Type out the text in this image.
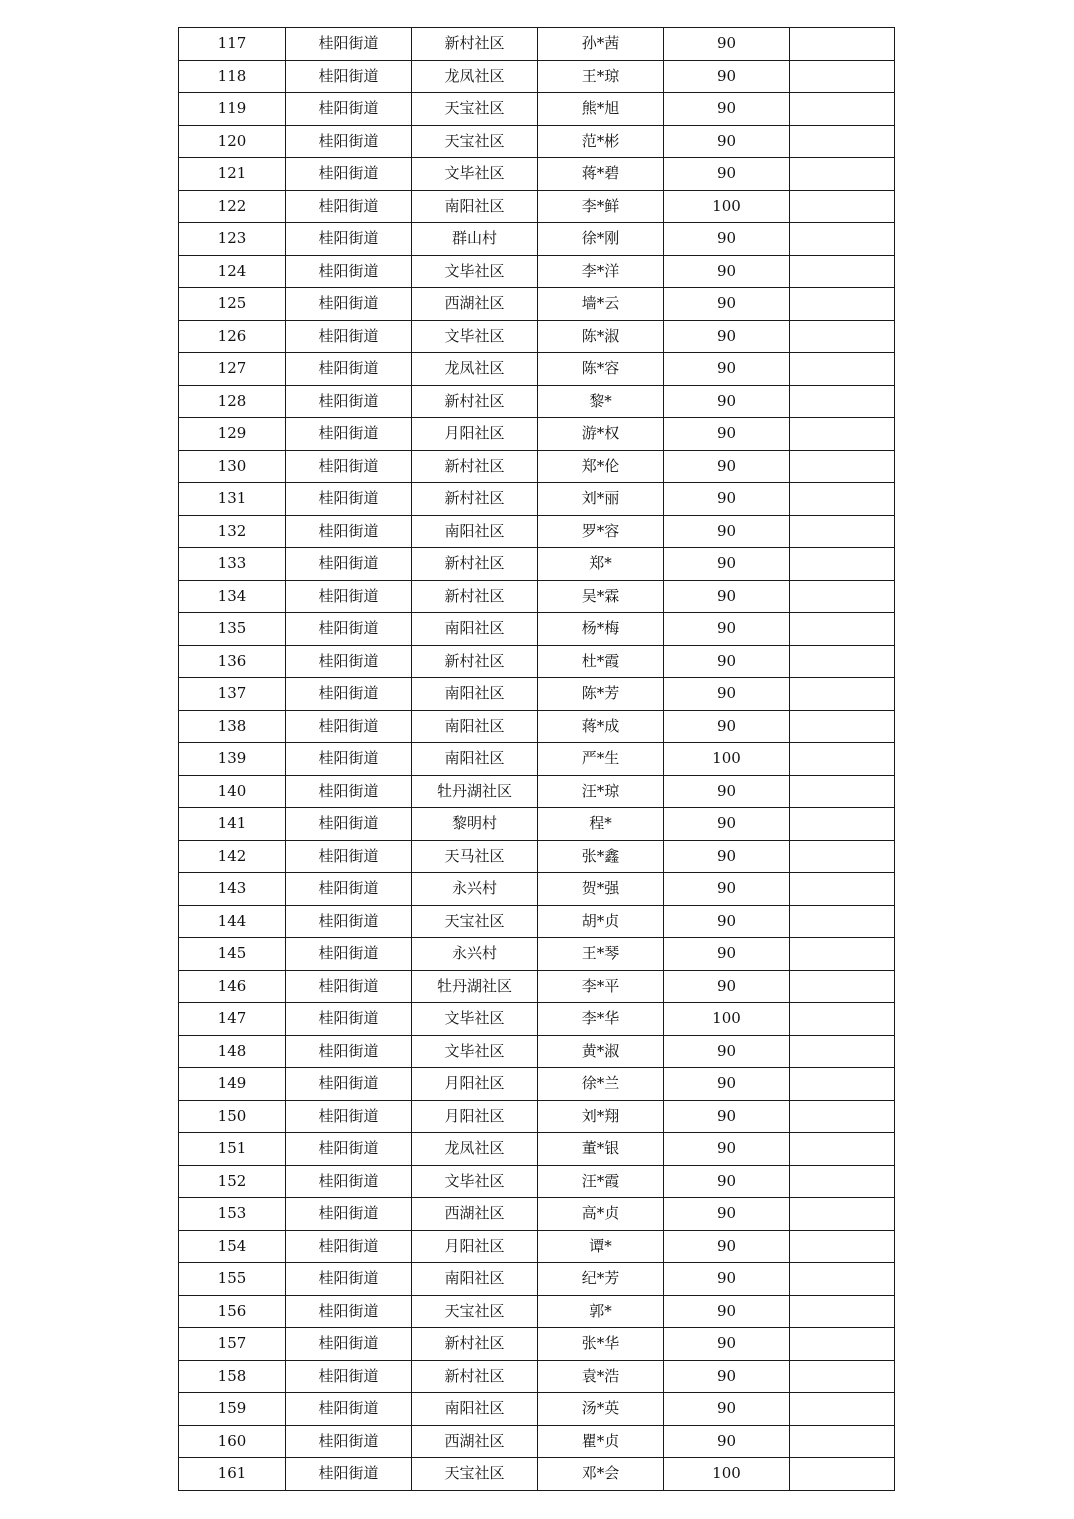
117	桂阳街道	新村社区	孙*茜	90	
118	桂阳街道	龙凤社区	王*琼	90	
119	桂阳街道	天宝社区	熊*旭	90	
120	桂阳街道	天宝社区	范*彬	90	
121	桂阳街道	文毕社区	蒋*碧	90	
122	桂阳街道	南阳社区	李*鲜	100	
123	桂阳街道	群山村	徐*刚	90	
124	桂阳街道	文毕社区	李*洋	90	
125	桂阳街道	西湖社区	墙*云	90	
126	桂阳街道	文毕社区	陈*淑	90	
127	桂阳街道	龙凤社区	陈*容	90	
128	桂阳街道	新村社区	黎*	90	
129	桂阳街道	月阳社区	游*权	90	
130	桂阳街道	新村社区	郑*伦	90	
131	桂阳街道	新村社区	刘*丽	90	
132	桂阳街道	南阳社区	罗*容	90	
133	桂阳街道	新村社区	郑*	90	
134	桂阳街道	新村社区	吴*霖	90	
135	桂阳街道	南阳社区	杨*梅	90	
136	桂阳街道	新村社区	杜*霞	90	
137	桂阳街道	南阳社区	陈*芳	90	
138	桂阳街道	南阳社区	蒋*成	90	
139	桂阳街道	南阳社区	严*生	100	
140	桂阳街道	牡丹湖社区	汪*琼	90	
141	桂阳街道	黎明村	程*	90	
142	桂阳街道	天马社区	张*鑫	90	
143	桂阳街道	永兴村	贺*强	90	
144	桂阳街道	天宝社区	胡*贞	90	
145	桂阳街道	永兴村	王*琴	90	
146	桂阳街道	牡丹湖社区	李*平	90	
147	桂阳街道	文毕社区	李*华	100	
148	桂阳街道	文毕社区	黄*淑	90	
149	桂阳街道	月阳社区	徐*兰	90	
150	桂阳街道	月阳社区	刘*翔	90	
151	桂阳街道	龙凤社区	董*银	90	
152	桂阳街道	文毕社区	汪*霞	90	
153	桂阳街道	西湖社区	高*贞	90	
154	桂阳街道	月阳社区	谭*	90	
155	桂阳街道	南阳社区	纪*芳	90	
156	桂阳街道	天宝社区	郭*	90	
157	桂阳街道	新村社区	张*华	90	
158	桂阳街道	新村社区	袁*浩	90	
159	桂阳街道	南阳社区	汤*英	90	
160	桂阳街道	西湖社区	瞿*贞	90	
161	桂阳街道	天宝社区	邓*会	100	
